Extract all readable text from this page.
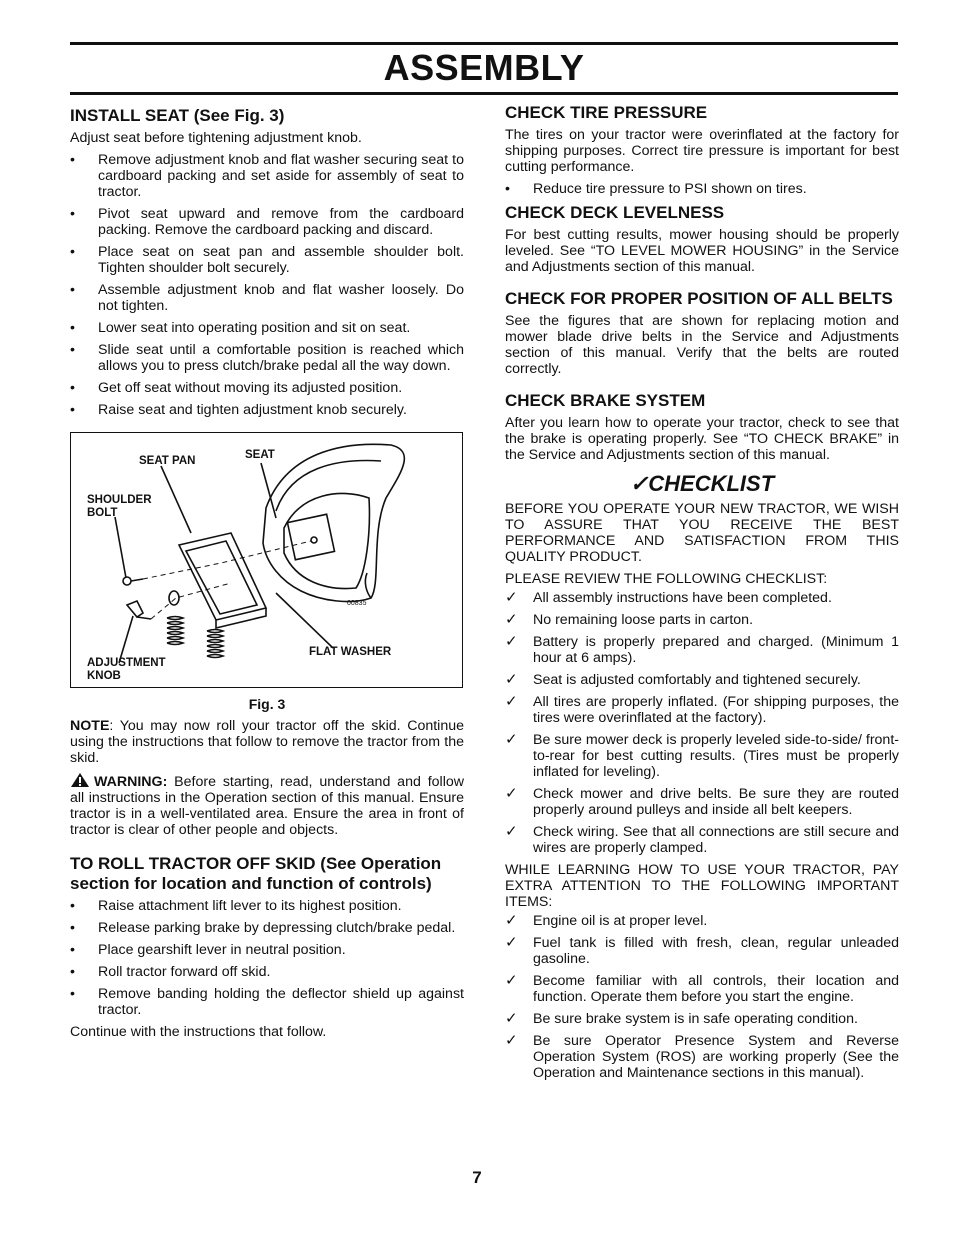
ASSEMBLY
INSTALL SEAT (See Fig. 3)

Adjust seat before tightening adjustment knob.

•	Remove adjustment knob and flat washer securing seat to cardboard packing and set aside for assembly of seat to tractor.
•	Pivot seat upward and remove from the cardboard packing. Remove the cardboard packing and discard.
•	Place seat on seat pan and assemble shoulder bolt. Tighten shoulder bolt securely.
•	Assemble adjustment knob and flat washer loosely. Do not tighten.
•	Lower seat into operating position and sit on seat.
•	Slide seat until a comfortable position is reached which allows you to press clutch/brake pedal all the way down.
•	Get off seat without moving its adjusted position.
•	Raise seat and tighten adjustment knob securely.
SEAT PAN	SEAT
SHOULDER BOLT
ADJUSTMENT KNOB
FLAT WASHER
00835
Fig. 3

NOTE: You may now roll your tractor off the skid. Continue using the instructions that follow to remove the tractor from the skid.

WARNING: Before starting, read, understand and follow all instructions in the Operation section of this manual. Ensure tractor is in a well-ventilated area. Ensure the area in front of tractor is clear of other people and objects.

TO ROLL TRACTOR OFF SKID (See Operation section for location and function of controls)
•	Raise attachment lift lever to its highest position.
•	Release parking brake by depressing clutch/brake pedal.
•	Place gearshift lever in neutral position.
•	Roll tractor forward off skid.
•	Remove banding holding the deflector shield up against tractor.

Continue with the instructions that follow.

CHECK TIRE PRESSURE

The tires on your tractor were overinflated at the factory for shipping purposes. Correct tire pressure is important for best cutting performance.

•	Reduce tire pressure to PSI shown on tires.
CHECK DECK LEVELNESS

For best cutting results, mower housing should be properly leveled. See “TO LEVEL MOWER HOUSING” in the Service and Adjustments section of this manual.

CHECK FOR PROPER POSITION OF ALL BELTS

See the figures that are shown for replacing motion and mower blade drive belts in the Service and Adjustments section of this manual. Verify that the belts are routed correctly.

CHECK BRAKE SYSTEM

After you learn how to operate your tractor, check to see that the brake is operating properly. See “TO CHECK BRAKE” in the Service and Adjustments section of this manual.

✓CHECKLIST

BEFORE YOU OPERATE YOUR NEW TRACTOR, WE WISH TO ASSURE THAT YOU RECEIVE THE BEST PERFORMANCE AND SATISFACTION FROM THIS QUALITY PRODUCT.

PLEASE REVIEW THE FOLLOWING CHECKLIST:

✓ All assembly instructions have been completed.
✓ No remaining loose parts in carton.
✓ Battery is properly prepared and charged. (Minimum 1 hour at 6 amps).
✓ Seat is adjusted comfortably and tightened securely.
✓ All tires are properly inflated. (For shipping purposes, the tires were overinflated at the factory).
✓ Be sure mower deck is properly leveled side-to-side/ front-to-rear for best cutting results. (Tires must be properly inflated for leveling).
✓ Check mower and drive belts. Be sure they are routed properly around pulleys and inside all belt keepers.
✓ Check wiring. See that all connections are still secure and wires are properly clamped.

WHILE LEARNING HOW TO USE YOUR TRACTOR, PAY EXTRA ATTENTION TO THE FOLLOWING IMPORTANT ITEMS:

✓ Engine oil is at proper level.
✓ Fuel tank is filled with fresh, clean, regular unleaded gasoline.
✓ Become familiar with all controls, their location and function. Operate them before you start the engine.
✓ Be sure brake system is in safe operating condition.
✓ Be sure Operator Presence System and Reverse Operation System (ROS) are working properly (See the Operation and Maintenance sections in this manual).
7
